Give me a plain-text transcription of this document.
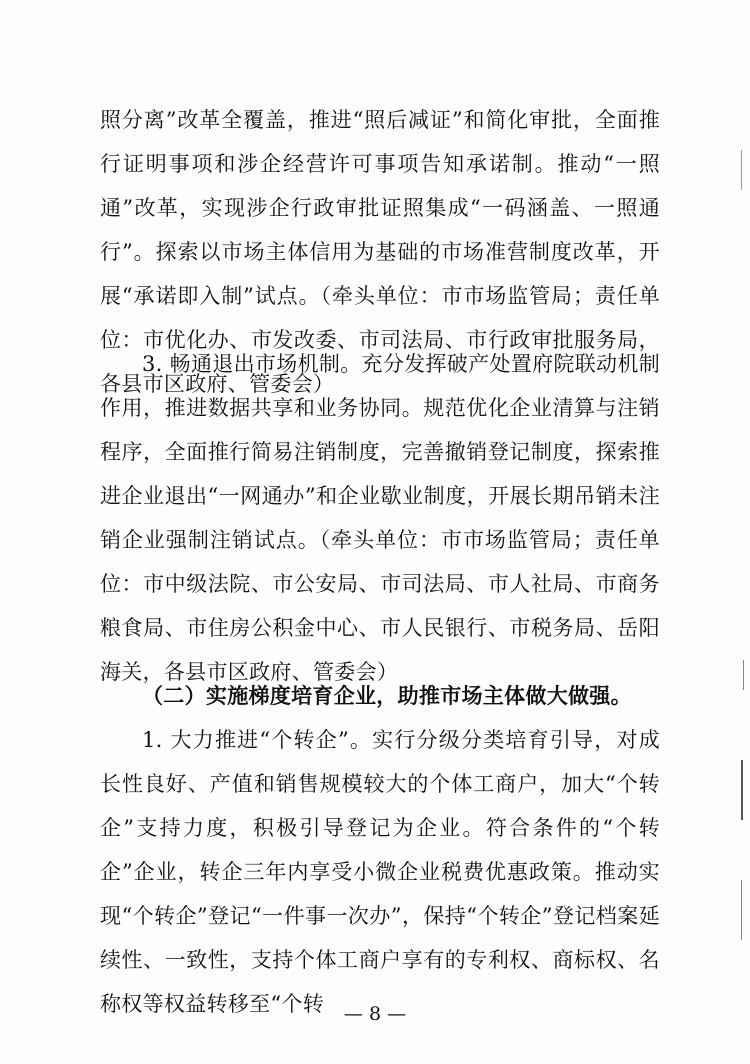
照分离”改革全覆盖，推进“照后减证”和简化审批，全面推行证明事项和涉企经营许可事项告知承诺制。推动“一照通”改革，实现涉企行政审批证照集成“一码涵盖、一照通行”。探索以市场主体信用为基础的市场准营制度改革，开展“承诺即入制”试点。（牵头单位：市市场监管局；责任单位：市优化办、市发改委、市司法局、市行政审批服务局，各县市区政府、管委会）

3. 畅通退出市场机制。充分发挥破产处置府院联动机制作用，推进数据共享和业务协同。规范优化企业清算与注销程序，全面推行简易注销制度，完善撤销登记制度，探索推进企业退出“一网通办”和企业歇业制度，开展长期吊销未注销企业强制注销试点。（牵头单位：市市场监管局；责任单位：市中级法院、市公安局、市司法局、市人社局、市商务粮食局、市住房公积金中心、市人民银行、市税务局、岳阳海关，各县市区政府、管委会）

（二）实施梯度培育企业，助推市场主体做大做强。

1. 大力推进“个转企”。实行分级分类培育引导，对成长性良好、产值和销售规模较大的个体工商户，加大“个转企”支持力度，积极引导登记为企业。符合条件的“个转企”企业，转企三年内享受小微企业税费优惠政策。推动实现“个转企”登记“一件事一次办”，保持“个转企”登记档案延续性、一致性，支持个体工商户享有的专利权、商标权、名称权等权益转移至“个转	— 8 —
